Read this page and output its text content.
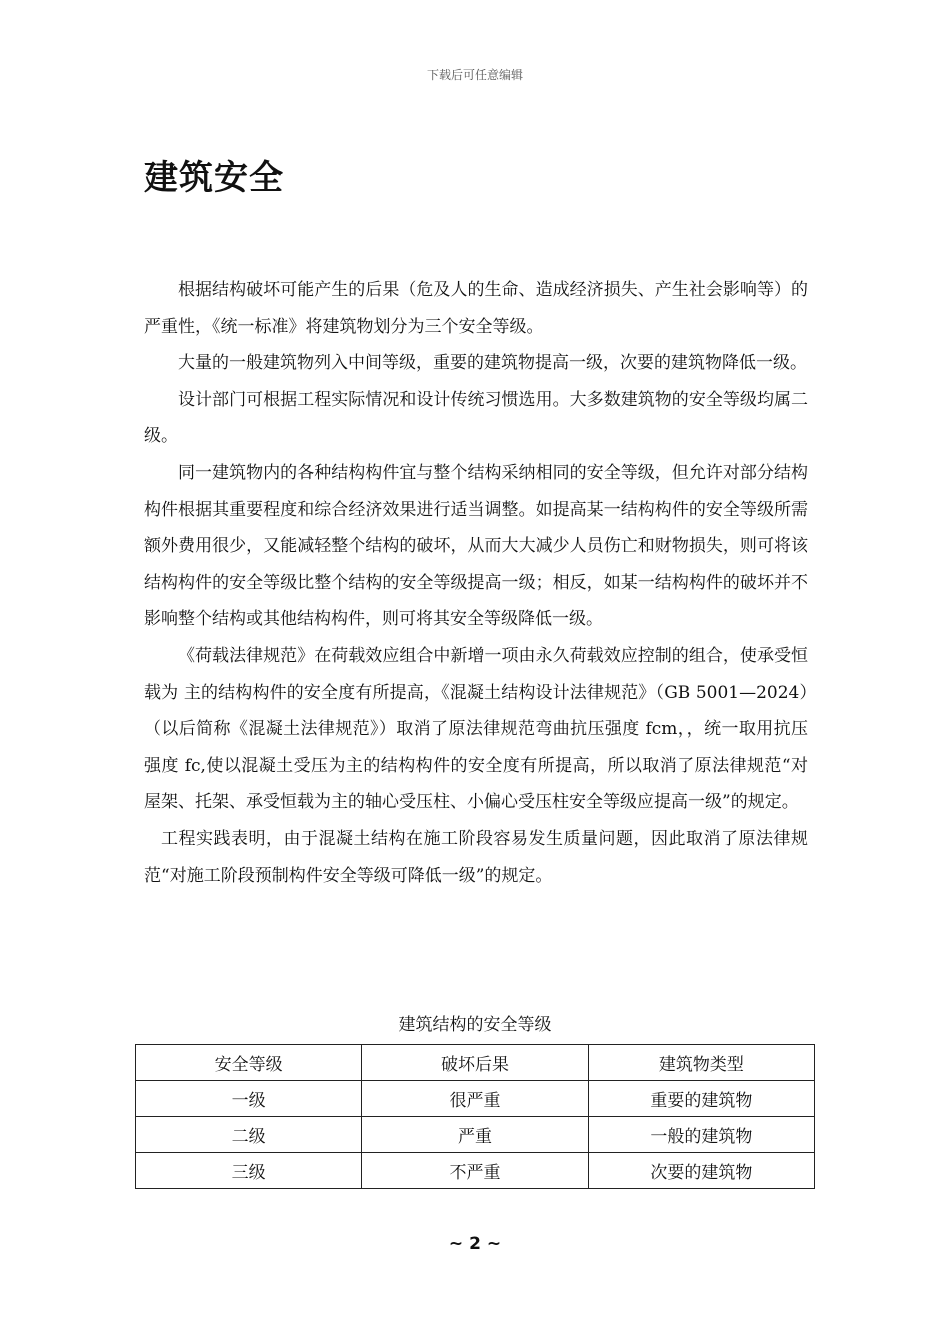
下载后可任意编辑
建筑安全

根据结构破坏可能产生的后果（危及人的生命、造成经济损失、产生社会影响等）的严重性，《统一标准》将建筑物划分为三个安全等级。

大量的一般建筑物列入中间等级，重要的建筑物提高一级，次要的建筑物降低一级。

设计部门可根据工程实际情况和设计传统习惯选用。大多数建筑物的安全等级均属二级。

同一建筑物内的各种结构构件宜与整个结构采纳相同的安全等级，但允许对部分结构构件根据其重要程度和综合经济效果进行适当调整。如提高某一结构构件的安全等级所需额外费用很少，又能减轻整个结构的破坏，从而大大减少人员伤亡和财物损失，则可将该结构构件的安全等级比整个结构的安全等级提高一级；相反，如某一结构构件的破坏并不影响整个结构或其他结构构件，则可将其安全等级降低一级。

《荷载法律规范》在荷载效应组合中新增一项由永久荷载效应控制的组合，使承受恒载为 主的结构构件的安全度有所提高，《混凝土结构设计法律规范》（GB 5001—2024）（以后简称《混凝土法律规范》）取消了原法律规范弯曲抗压强度 fcm，，统一取用抗压强度 fc,使以混凝土受压为主的结构构件的安全度有所提高，所以取消了原法律规范“对屋架、托架、承受恒载为主的轴心受压柱、小偏心受压柱安全等级应提高一级”的规定。

工程实践表明，由于混凝土结构在施工阶段容易发生质量问题，因此取消了原法律规范“对施工阶段预制构件安全等级可降低一级”的规定。

建筑结构的安全等级
安全等级	破坏后果	建筑物类型
一级	很严重	重要的建筑物
二级	严重	一般的建筑物
三级	不严重	次要的建筑物
~ 2 ~
